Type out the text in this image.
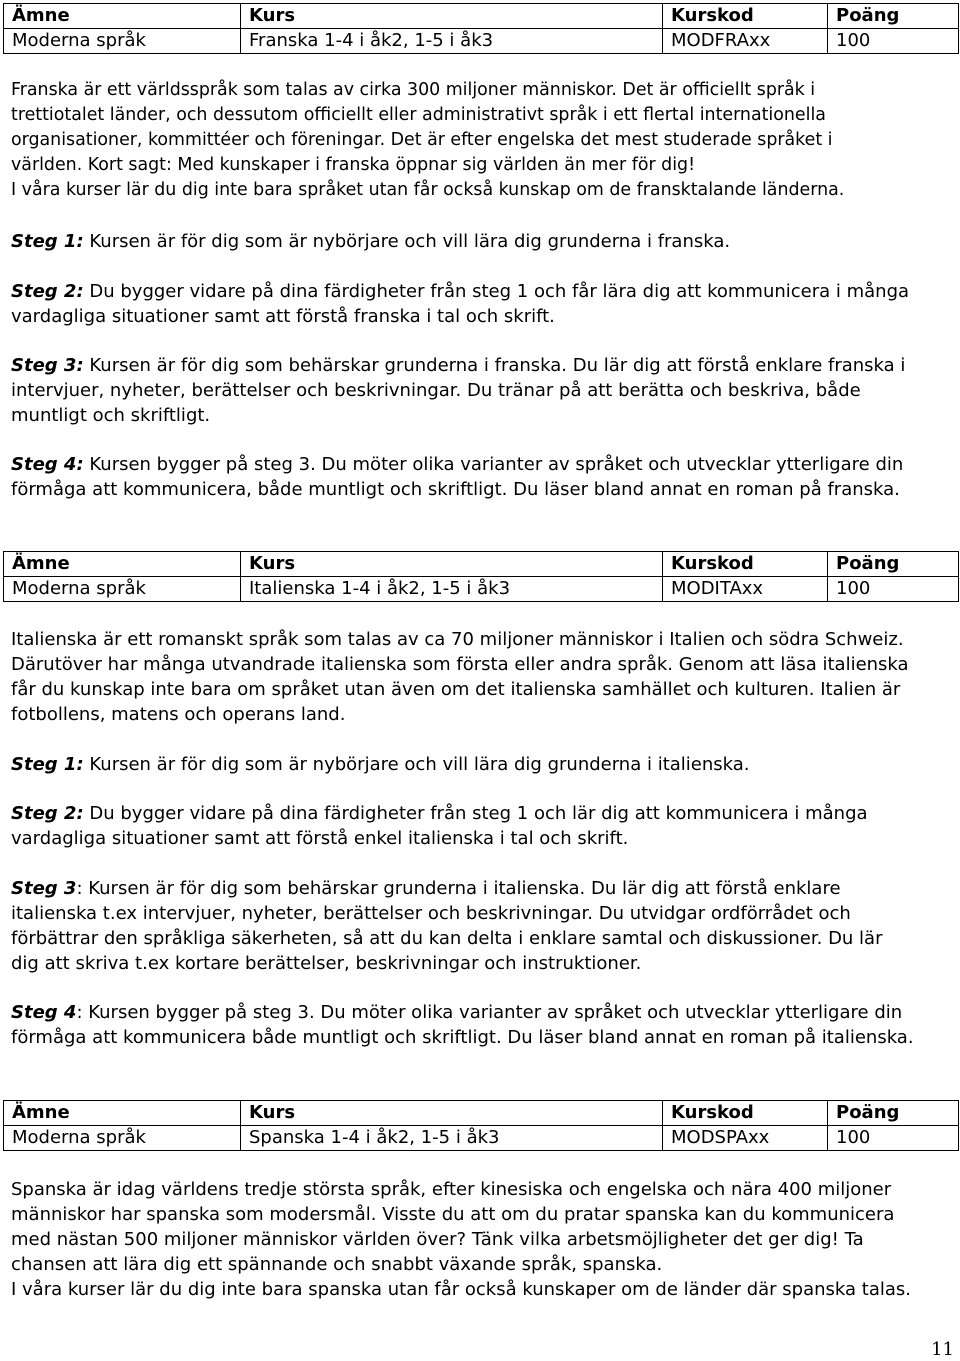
Ämne	Kurs	Kurskod	Poäng
Moderna språk	Franska 1-4 i åk2, 1-5 i åk3	MODFRAxx	100

Franska är ett världsspråk som talas av cirka 300 miljoner människor. Det är officiellt språk i
trettiotalet länder, och dessutom officiellt eller administrativt språk i ett flertal internationella
organisationer, kommittéer och föreningar. Det är efter engelska det mest studerade språket i
världen. Kort sagt: Med kunskaper i franska öppnar sig världen än mer för dig!
I våra kurser lär du dig inte bara språket utan får också kunskap om de fransktalande länderna.

Steg 1: Kursen är för dig som är nybörjare och vill lära dig grunderna i franska.

Steg 2: Du bygger vidare på dina färdigheter från steg 1 och får lära dig att kommunicera i många
vardagliga situationer samt att förstå franska i tal och skrift.

Steg 3: Kursen är för dig som behärskar grunderna i franska. Du lär dig att förstå enklare franska i
intervjuer, nyheter, berättelser och beskrivningar. Du tränar på att berätta och beskriva, både
muntligt och skriftligt.

Steg 4: Kursen bygger på steg 3. Du möter olika varianter av språket och utvecklar ytterligare din
förmåga att kommunicera, både muntligt och skriftligt. Du läser bland annat en roman på franska.

Ämne	Kurs	Kurskod	Poäng
Moderna språk	Italienska 1-4 i åk2, 1-5 i åk3	MODITAxx	100

Italienska är ett romanskt språk som talas av ca 70 miljoner människor i Italien och södra Schweiz.
Därutöver har många utvandrade italienska som första eller andra språk. Genom att läsa italienska
får du kunskap inte bara om språket utan även om det italienska samhället och kulturen. Italien är
fotbollens, matens och operans land.

Steg 1: Kursen är för dig som är nybörjare och vill lära dig grunderna i italienska.

Steg 2: Du bygger vidare på dina färdigheter från steg 1 och lär dig att kommunicera i många
vardagliga situationer samt att förstå enkel italienska i tal och skrift.

Steg 3: Kursen är för dig som behärskar grunderna i italienska. Du lär dig att förstå enklare
italienska t.ex intervjuer, nyheter, berättelser och beskrivningar. Du utvidgar ordförrådet och
förbättrar den språkliga säkerheten, så att du kan delta i enklare samtal och diskussioner. Du lär
dig att skriva t.ex kortare berättelser, beskrivningar och instruktioner.

Steg 4: Kursen bygger på steg 3. Du möter olika varianter av språket och utvecklar ytterligare din
förmåga att kommunicera både muntligt och skriftligt. Du läser bland annat en roman på italienska.

Ämne	Kurs	Kurskod	Poäng
Moderna språk	Spanska 1-4 i åk2, 1-5 i åk3	MODSPAxx	100

Spanska är idag världens tredje största språk, efter kinesiska och engelska och nära 400 miljoner
människor har spanska som modersmål. Visste du att om du pratar spanska kan du kommunicera
med nästan 500 miljoner människor världen över? Tänk vilka arbetsmöjligheter det ger dig! Ta
chansen att lära dig ett spännande och snabbt växande språk, spanska.
I våra kurser lär du dig inte bara spanska utan får också kunskaper om de länder där spanska talas.

11
